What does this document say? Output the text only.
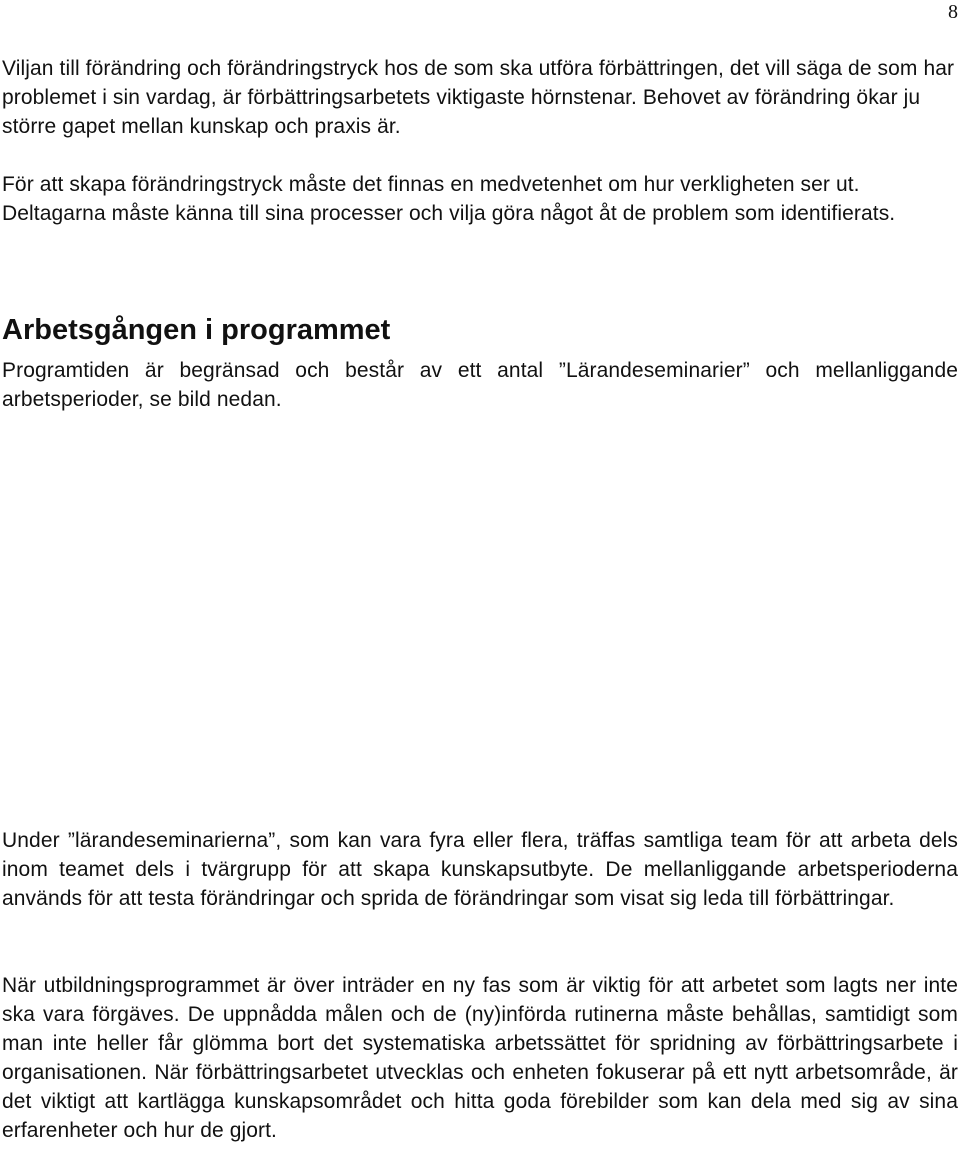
8

Viljan till förändring och förändringstryck hos de som ska utföra förbättringen, det vill säga de som har problemet i sin vardag, är förbättringsarbetets viktigaste hörnstenar. Behovet av förändring ökar ju större gapet mellan kunskap och praxis är.

För att skapa förändringstryck måste det finnas en medvetenhet om hur verkligheten ser ut. Deltagarna måste känna till sina processer och vilja göra något åt de problem som identifierats.

Arbetsgången i programmet

Programtiden är begränsad och består av ett antal ”Lärandeseminarier” och mellanliggande arbetsperioder, se bild nedan.

Under ”lärandeseminarierna”, som kan vara fyra eller flera, träffas samtliga team för att arbeta dels inom teamet dels i tvärgrupp för att skapa kunskapsutbyte. De mellanliggande arbetsperioderna används för att testa förändringar och sprida de förändringar som visat sig leda till förbättringar.

När utbildningsprogrammet är över inträder en ny fas som är viktig för att arbetet som lagts ner inte ska vara förgäves. De uppnådda målen och de (ny)införda rutinerna måste behållas, samtidigt som man inte heller får glömma bort det systematiska arbetssättet för spridning av förbättringsarbete i organisationen. När förbättringsarbetet utvecklas och enheten fokuserar på ett nytt arbetsområde, är det viktigt att kartlägga kunskapsområdet och hitta goda förebilder som kan dela med sig av sina erfarenheter och hur de gjort.
